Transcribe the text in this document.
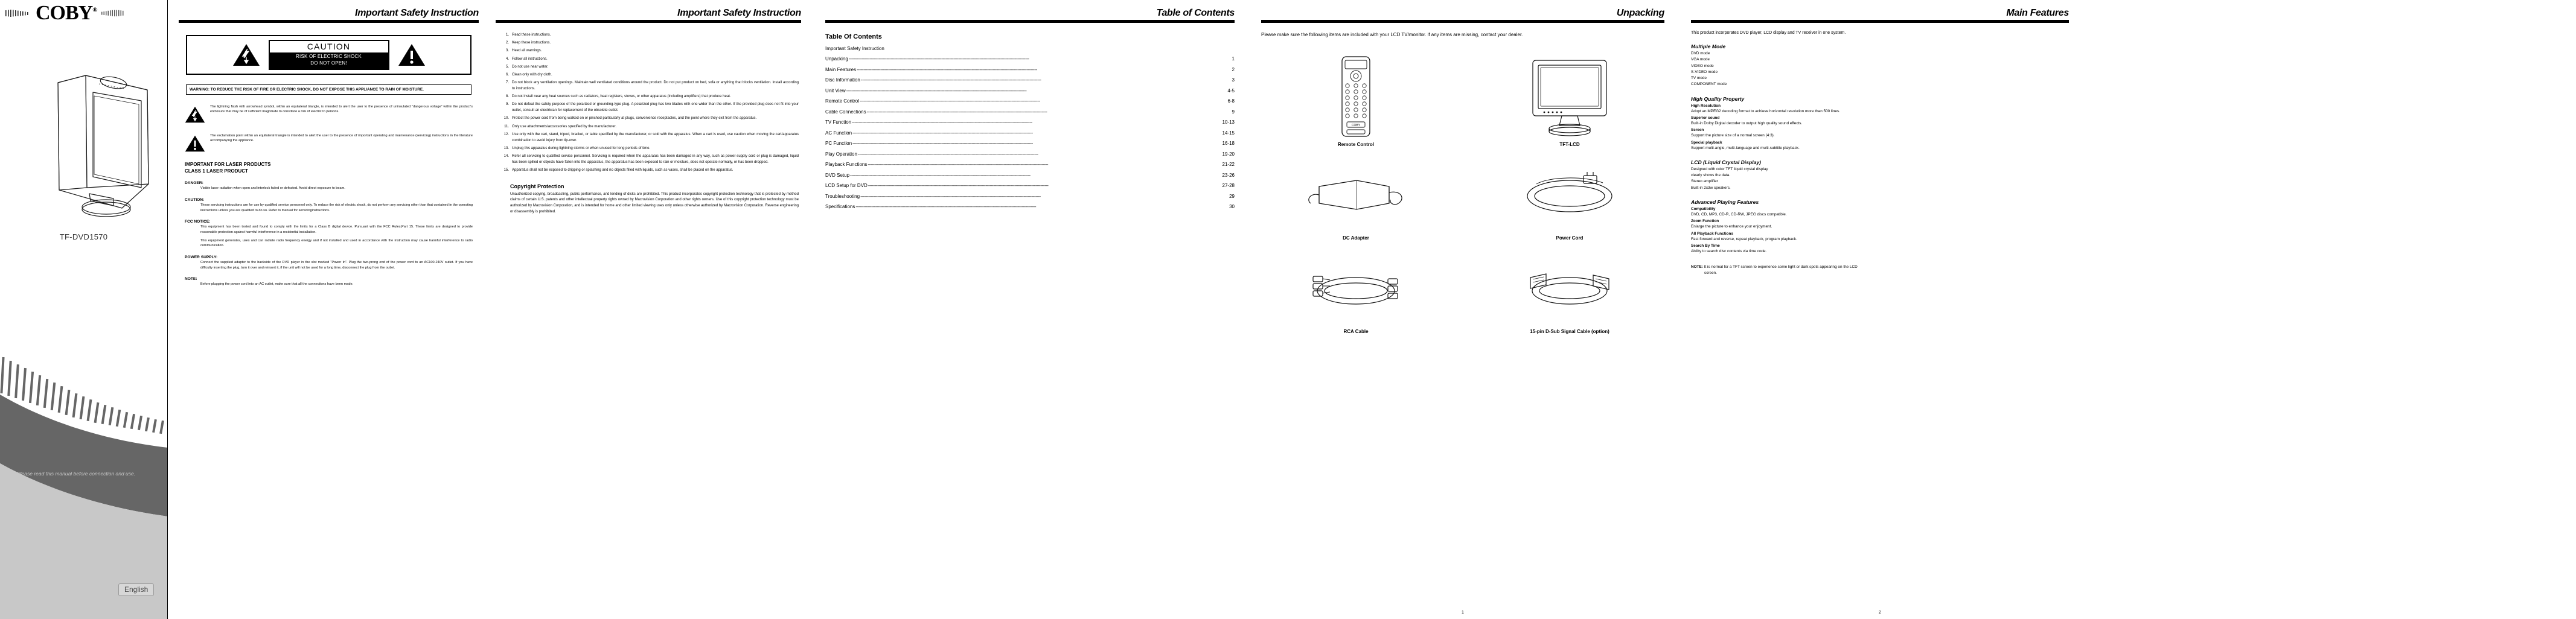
COBY®
TF-DVD1570
Please read this manual before connection and use.
English
Important Safety Instruction
CAUTION
RISK OF ELECTRIC SHOCK
DO NOT OPEN!
WARNING: TO REDUCE THE RISK OF FIRE OR ELECTRIC SHOCK, DO NOT EXPOSE THIS APPLIANCE TO RAIN OF MOISTURE.

The lightning flash with arrowhead symbol, within an equilateral triangle, is intended to alert the user to the presence of uninsulated “dangerous voltage” within the product's enclosure that may be of sufficient magnitude to constitute a risk of electric to persons.

The exclamation point within an equilateral triangle is intended to alert the user to the presence of important operating and maintenance (servicing) instructions in the literature accompanying the appliance.

IMPORTANT FOR LASER PRODUCTS

CLASS 1 LASER PRODUCT

DANGER:

Visible laser radiation when open and interlock failed or defeated. Avoid direct exposure to beam.

CAUTION:

These servicing instructions are for use by qualified service personnel only. To reduce the risk of electric shock, do not perform any servicing other than that contained in the operating instructions unless you are qualified to do so. Refer to manual for servicinginstructions.

FCC NOTICE:

This equipment has been tested and found to comply with the limits for a Class B digital device. Pursuant with the FCC Rules,Part 15. These limits are designed to provide reasonable protection against harmful interference in a residential installation.

This equipment generates, uses and can radiate radio frequency energy and if not installed and used in accordance with the instruction may cause harmful interference to radio communication.

POWER SUPPLY:

Connect the supplied adapter to the backside of the DVD player in the slot marked “Power In”. Plug the two-prong end of the power cord to an AC100-240V outlet. If you have difficulty inserting the plug, turn it over and reinsert it, if the unit will not be used for a long time, disconnect the plug from the outlet.

NOTE:

Before plugging the power cord into an AC outlet, make sure that all the connections have been made.

Important Safety Instruction
1. Read these instructions.
2. Keep these instructions.
3. Heed all warnings.
4. Follow all instructions.
5. Do not use near water.
6. Clean only with dry cloth.
7. Do not block any ventilation openings. Maintain well ventilated conditions around the product. Do not put product on bed, sofa or anything that blocks ventilation. Install according to instructions.
8. Do not install near any heat sources such as radiators, heat registers, stoves, or other apparatus (including amplifiers) that produce heat.
9. Do not defeat the safety purpose of the polarized or grounding-type plug. A polarized plug has two blades with one wider than the other. If the provided plug does not fit into your outlet, consult an electrician for replacement of the obsolete outlet.
10. Protect the power cord from being walked on or pinched particularly at plugs, convenience receptacles, and the point where they exit from the apparatus.
11. Only use attachments/accessories specified by the manufacturer.
12. Use only with the cart, stand, tripod, bracket, or table specified by the manufacturer, or sold with the apparatus. When a cart is used, use caution when moving the cart/apparatus combination to avoid injury from tip-over.
13. Unplug this apparatus during lightning storms or when unused for long periods of time.
14. Refer all servicing to qualified service personnel. Servicing is required when the apparatus has been damaged in any way, such as power-supply cord or plug is damaged, liquid has been spilled or objects have fallen into the apparatus, the apparatus has been exposed to rain or moisture, does not operate normally, or has been dropped.
15. Apparatus shall not be exposed to dripping or splashing and no objects filled with liquids, such as vases, shall be placed on the apparatus.
Copyright Protection
Unauthorized copying, broadcasting, public performance, and lending of disks are prohibited. This product incorporates copyright protection technology that is protected by method claims of certain U.S. patents and other intellectual property rights owned by Macrovision Corporation and other rights owners. Use of this copyright protection technology must be authorized by Macrovision Corporation, and is intended for home and other limited viewing uses only unless otherwise authorized by Macrovision Corporation. Reverse engineering or disassembly is prohibited.
Table of Contents
Table Of Contents
Important Safety Instruction
Unpacking ------------------------------------------------------------------------------------------------------------------------------------------	1
Main Features ------------------------------------------------------------------------------------------------------------------------------------------	2
Disc Information ------------------------------------------------------------------------------------------------------------------------------------------	3
Unit View ------------------------------------------------------------------------------------------------------------------------------------------	4-5
Remote Control ------------------------------------------------------------------------------------------------------------------------------------------	6-8
Cable Connections ------------------------------------------------------------------------------------------------------------------------------------------	9
TV Function ------------------------------------------------------------------------------------------------------------------------------------------	10-13
AC Function ------------------------------------------------------------------------------------------------------------------------------------------	14-15
PC Function ------------------------------------------------------------------------------------------------------------------------------------------	16-18
Play Operation ------------------------------------------------------------------------------------------------------------------------------------------	19-20
Playback Functions ------------------------------------------------------------------------------------------------------------------------------------------	21-22
DVD Setup ------------------------------------------------------------------------------------------------------------------------------------------	23-26
LCD Setup for DVD ------------------------------------------------------------------------------------------------------------------------------------------	27-28
Troubleshooting ------------------------------------------------------------------------------------------------------------------------------------------	29
Specifications ------------------------------------------------------------------------------------------------------------------------------------------	30
Unpacking

Please make sure the following items are included with your LCD TV/monitor. if any items are missing, contact your dealer.

COBY
Remote Control	TFT-LCD
DC Adapter	Power Cord
RCA Cable	15-pin D-Sub Signal Cable (option)
1
Main Features

This product incorporates DVD player, LCD display and TV receiver in one system.

Multiple Mode
DVD mode
VGA mode
VIDEO mode
S-VIDEO mode
TV mode
COMPONENT mode
High Quality Property
High Resolution
Adopt an MPEG2 decoding format to achieve horizontal resolution more than 500 lines.
Superior sound
Built-in Dolby Digital decoder to output high quality sound effects.
Screen
Support the picture size of a normal screen (4:3).
Special playback
Support multi-angle, multi-language and multi-subtitle playback.
LCD (Liquid Crystal Display)
Designed with color TFT liquid crystal display
clearly shows the data.
Stereo amplifier
Built-in 2x3w speakers.
Advanced Playing Features
Compatibility
DVD, CD, MP3, CD-R, CD-RW, JPEG discs compatible.
Zoom Function
Enlarge the picture to enhance your enjoyment.
All Playback Functions
Fast forward and reverse, repeat playback, program playback.
Search By Time
Ability to search disc contents via time code.

NOTE: It is normal for a TFT screen to experience some light or dark spots appearing on the LCD
screen.

2
